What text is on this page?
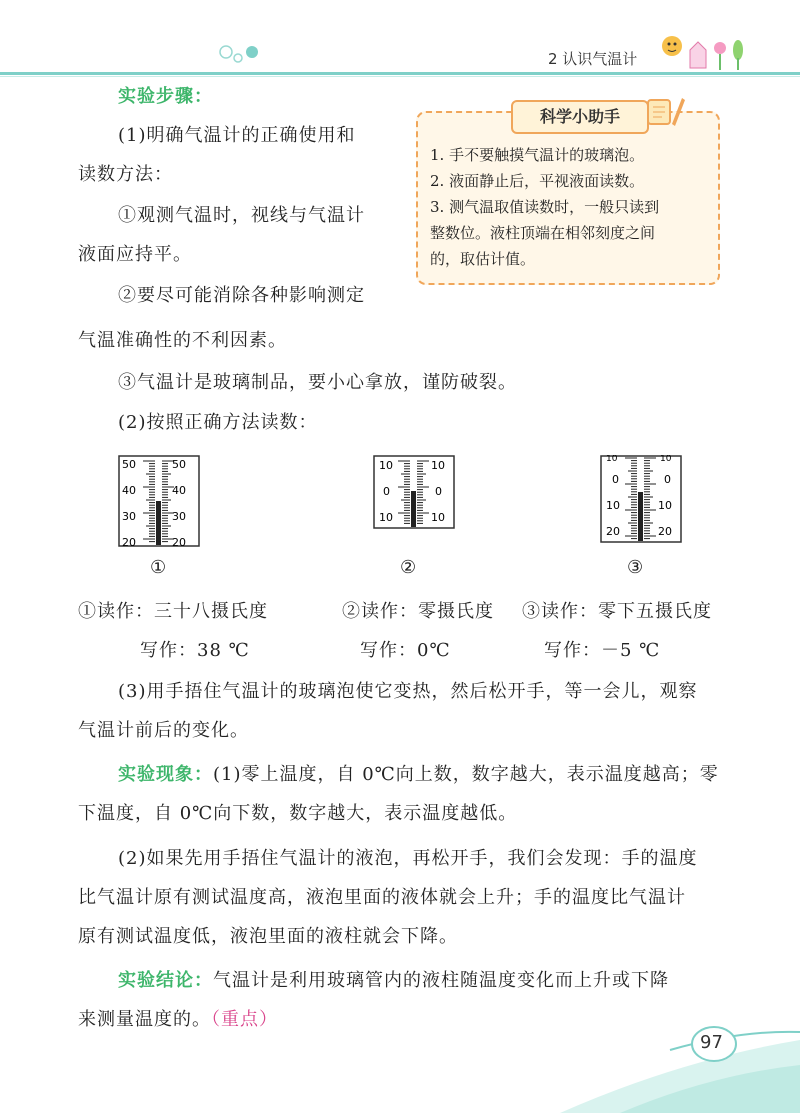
2 认识气温计
科学小助手
1. 手不要触摸气温计的玻璃泡。
2. 液面静止后，平视液面读数。
3. 测气温取值读数时，一般只读到
整数位。液柱顶端在相邻刻度之间
的，取估计值。
实验步骤：
(1)明确气温计的正确使用和
读数方法：
①观测气温时，视线与气温计
液面应持平。
②要尽可能消除各种影响测定
气温准确性的不利因素。
③气温计是玻璃制品，要小心拿放，谨防破裂。
(2)按照正确方法读数：
50	50
40	40
30	30
20	20
10	10
0	0
10	10
10	10
0	0
10	10
20	20
①	②	③
①读作：三十八摄氏度	②读作：零摄氏度 ③读作：零下五摄氏度
写作：38 ℃	写作：0℃	写作：－5 ℃
(3)用手捂住气温计的玻璃泡使它变热，然后松开手，等一会儿，观察
气温计前后的变化。
实验现象：(1)零上温度，自 0℃向上数，数字越大，表示温度越高；零
下温度，自 0℃向下数，数字越大，表示温度越低。
(2)如果先用手捂住气温计的液泡，再松开手，我们会发现：手的温度
比气温计原有测试温度高，液泡里面的液体就会上升；手的温度比气温计
原有测试温度低，液泡里面的液柱就会下降。
实验结论：气温计是利用玻璃管内的液柱随温度变化而上升或下降
来测量温度的。（重点）
97
